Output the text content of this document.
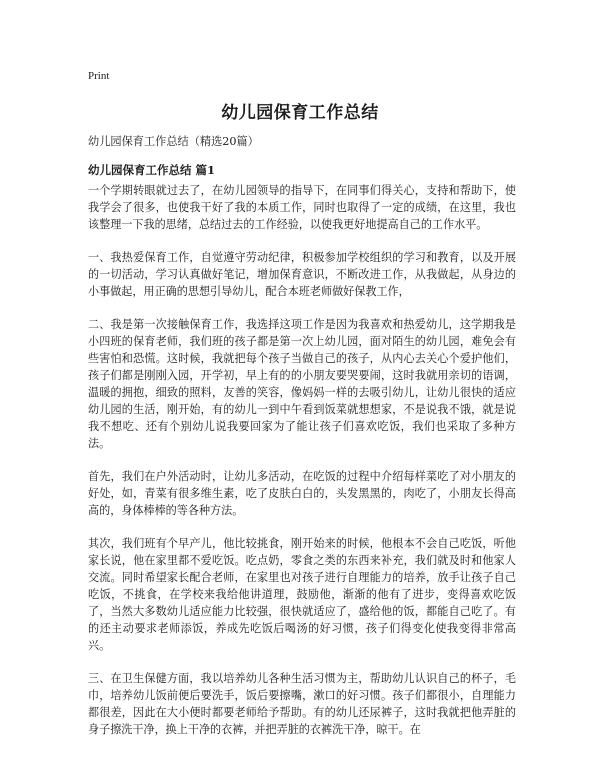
Print
幼儿园保育工作总结

幼儿园保育工作总结（精选20篇）

幼儿园保育工作总结 篇1

一个学期转眼就过去了，在幼儿园领导的指导下，在同事们得关心，支持和帮助下，使我学会了很多，也使我干好了我的本质工作，同时也取得了一定的成绩，在这里，我也该整理一下我的思绪，总结过去的工作经验，以使我更好地提高自己的工作水平。

一、我热爱保育工作，自觉遵守劳动纪律，积极参加学校组织的学习和教育，以及开展的一切活动，学习认真做好笔记，增加保育意识，不断改进工作，从我做起，从身边的小事做起，用正确的思想引导幼儿，配合本班老师做好保教工作，

二、我是第一次接触保育工作，我选择这项工作是因为我喜欢和热爱幼儿，这学期我是小四班的保育老师，我们班的孩子都是第一次上幼儿园，面对陌生的幼儿园，难免会有些害怕和恐慌。这时候，我就把每个孩子当做自己的孩子，从内心去关心个爱护他们，孩子们都是刚刚入园，开学初，早上有的的小朋友要哭要闹，这时我就用亲切的语调，温暖的拥抱，细致的照料，友善的笑容，像妈妈一样的去吸引幼儿，让幼儿很快的适应幼儿园的生活，刚开始，有的幼儿一到中午看到饭菜就想想家，不是说我不饿，就是说我不想吃、还有个别幼儿说我要回家为了能让孩子们喜欢吃饭，我们也采取了多种方法。

首先，我们在户外活动时，让幼儿多活动，在吃饭的过程中介绍每样菜吃了对小朋友的好处，如，青菜有很多维生素，吃了皮肤白白的，头发黑黑的，肉吃了，小朋友长得高高的，身体棒棒的等各种方法。

其次，我们班有个早产儿，他比较挑食，刚开始来的时候，他根本不会自己吃饭，听他家长说，他在家里都不爱吃饭。吃点奶，零食之类的东西来补充，我们就及时和他家人交流。同时希望家长配合老师，在家里也对孩子进行自理能力的培养，放手让孩子自己吃饭，不挑食，在学校来我给他讲道理，鼓励他，渐渐的他有了进步，变得喜欢吃饭了，当然大多数幼儿适应能力比较强，很快就适应了，盛给他的饭，都能自己吃了。有的还主动要求老师添饭，养成先吃饭后喝汤的好习惯，孩子们得变化使我变得非常高兴。

三、在卫生保健方面，我以培养幼儿各种生活习惯为主，帮助幼儿认识自己的杯子，毛巾，培养幼儿饭前便后要洗手，饭后要擦嘴，漱口的好习惯。孩子们都很小，自理能力都很差，因此在大小便时都要老师给予帮助。有的幼儿还尿裤子，这时我就把他弄脏的身子擦洗干净，换上干净的衣裤，并把弄脏的衣裤洗干净，晾干。在
